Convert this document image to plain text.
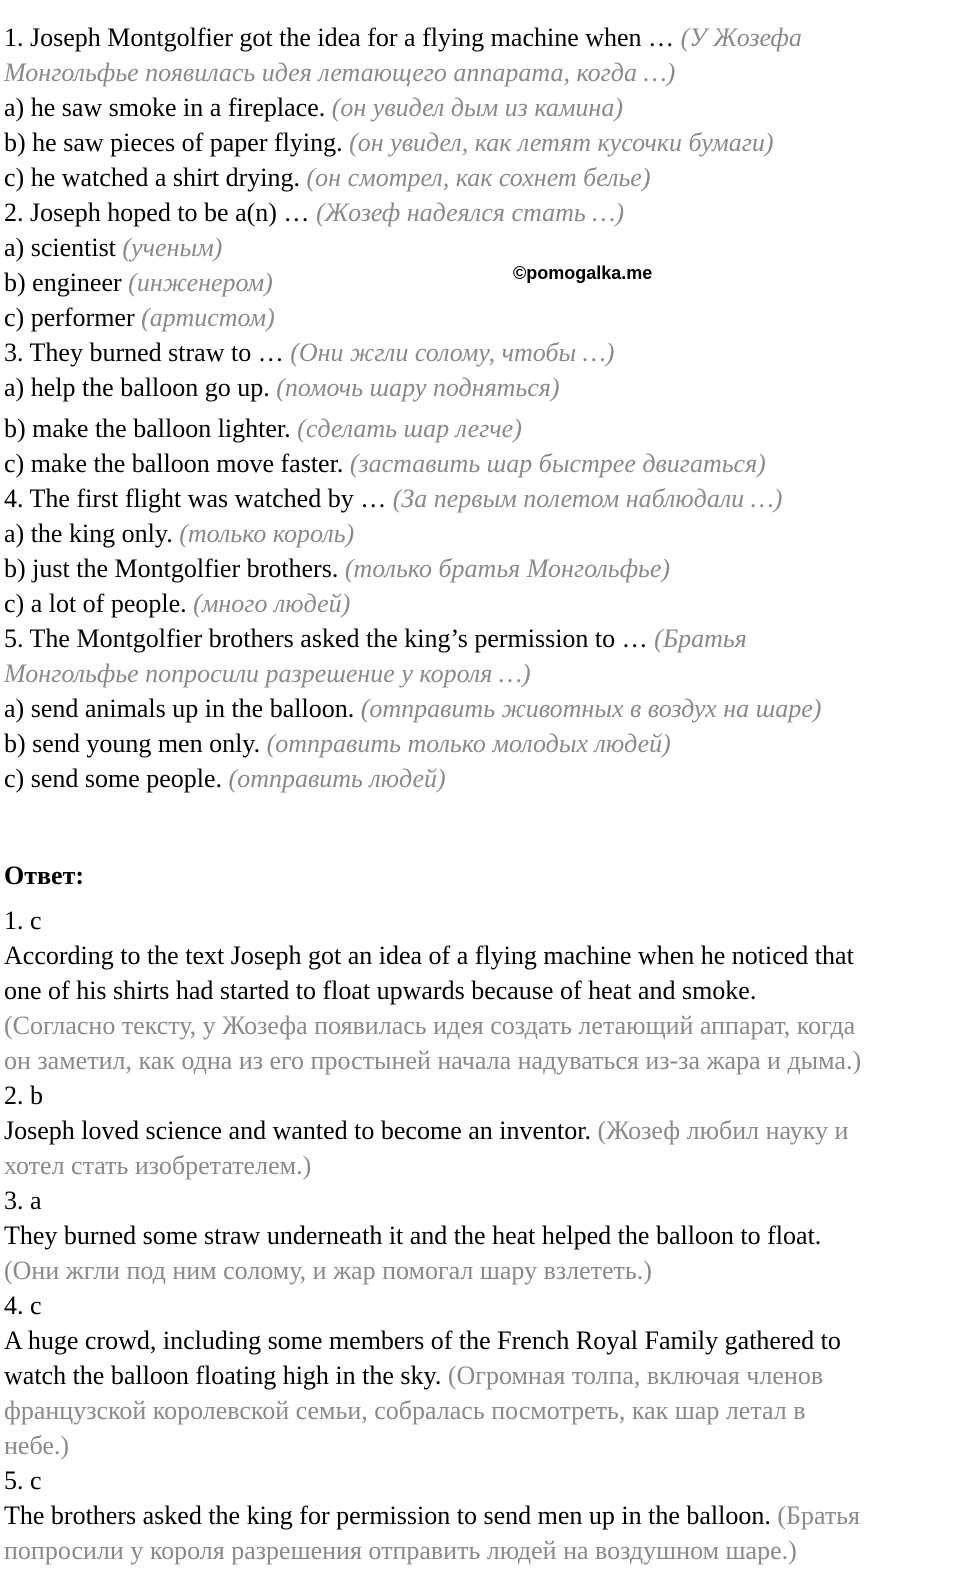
©pomogalka.me
1. Joseph Montgolfier got the idea for a flying machine when … (У Жозефа
Монгольфье появилась идея летающего аппарата, когда …)
a) he saw smoke in a fireplace. (он увидел дым из камина)
b) he saw pieces of paper flying. (он увидел, как летят кусочки бумаги)
c) he watched a shirt drying. (он смотрел, как сохнет белье)
2. Joseph hoped to be a(n) … (Жозеф надеялся стать …)
a) scientist (ученым)
b) engineer (инженером)
c) performer (артистом)
3. They burned straw to … (Они жгли солому, чтобы …)
a) help the balloon go up. (помочь шару подняться)
b) make the balloon lighter. (сделать шар легче)
c) make the balloon move faster. (заставить шар быстрее двигаться)
4. The first flight was watched by … (За первым полетом наблюдали …)
a) the king only. (только король)
b) just the Montgolfier brothers. (только братья Монгольфье)
c) a lot of people. (много людей)
5. The Montgolfier brothers asked the king’s permission to … (Братья
Монгольфье попросили разрешение у короля …)
a) send animals up in the balloon. (отправить животных в воздух на шаре)
b) send young men only. (отправить только молодых людей)
c) send some people. (отправить людей)
Ответ:
1. c
According to the text Joseph got an idea of a flying machine when he noticed that
one of his shirts had started to float upwards because of heat and smoke.
(Согласно тексту, у Жозефа появилась идея создать летающий аппарат, когда
он заметил, как одна из его простыней начала надуваться из-за жара и дыма.)
2. b
Joseph loved science and wanted to become an inventor. (Жозеф любил науку и
хотел стать изобретателем.)
3. a
They burned some straw underneath it and the heat helped the balloon to float.
(Они жгли под ним солому, и жар помогал шару взлететь.)
4. c
A huge crowd, including some members of the French Royal Family gathered to
watch the balloon floating high in the sky. (Огромная толпа, включая членов
французской королевской семьи, собралась посмотреть, как шар летал в
небе.)
5. c
The brothers asked the king for permission to send men up in the balloon. (Братья
попросили у короля разрешения отправить людей на воздушном шаре.)
